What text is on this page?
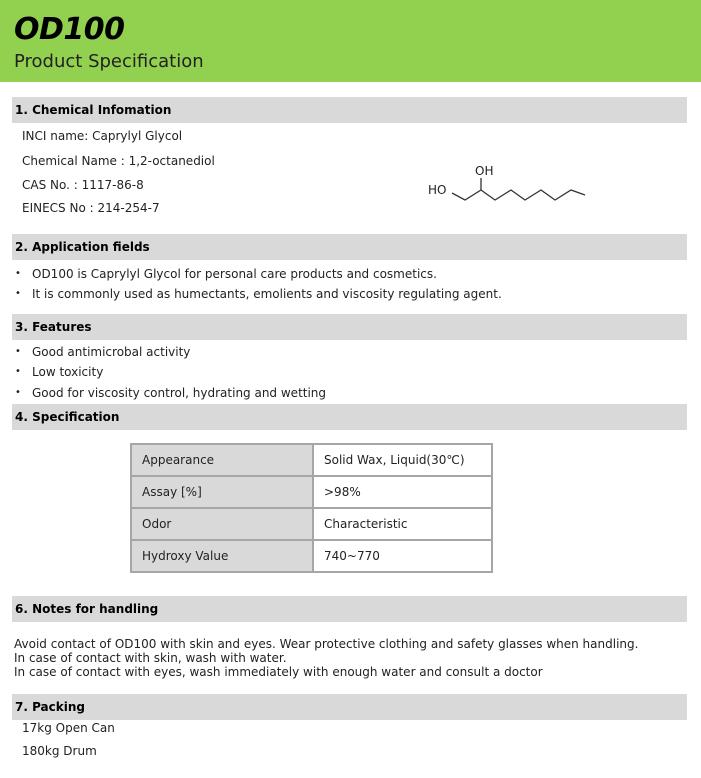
OD100
Product Specification
1. Chemical Infomation
INCI name: Caprylyl Glycol
Chemical Name : 1,2-octanediol
CAS No. : 1117-86-8
EINECS No : 214-254-7
HO
OH
2. Application fields
• OD100 is Caprylyl Glycol for personal care products and cosmetics.
• It is commonly used as humectants, emolients and viscosity regulating agent.
3. Features
• Good antimicrobal activity
• Low toxicity
• Good for viscosity control, hydrating and wetting
4. Specification
Appearance	Solid Wax, Liquid(30℃)
Assay [%]	>98%
Odor	Characteristic
Hydroxy Value	740~770
6. Notes for handling
Avoid contact of OD100 with skin and eyes. Wear protective clothing and safety glasses when handling.
In case of contact with skin, wash with water.
In case of contact with eyes, wash immediately with enough water and consult a doctor
7. Packing
17kg Open Can
180kg Drum
